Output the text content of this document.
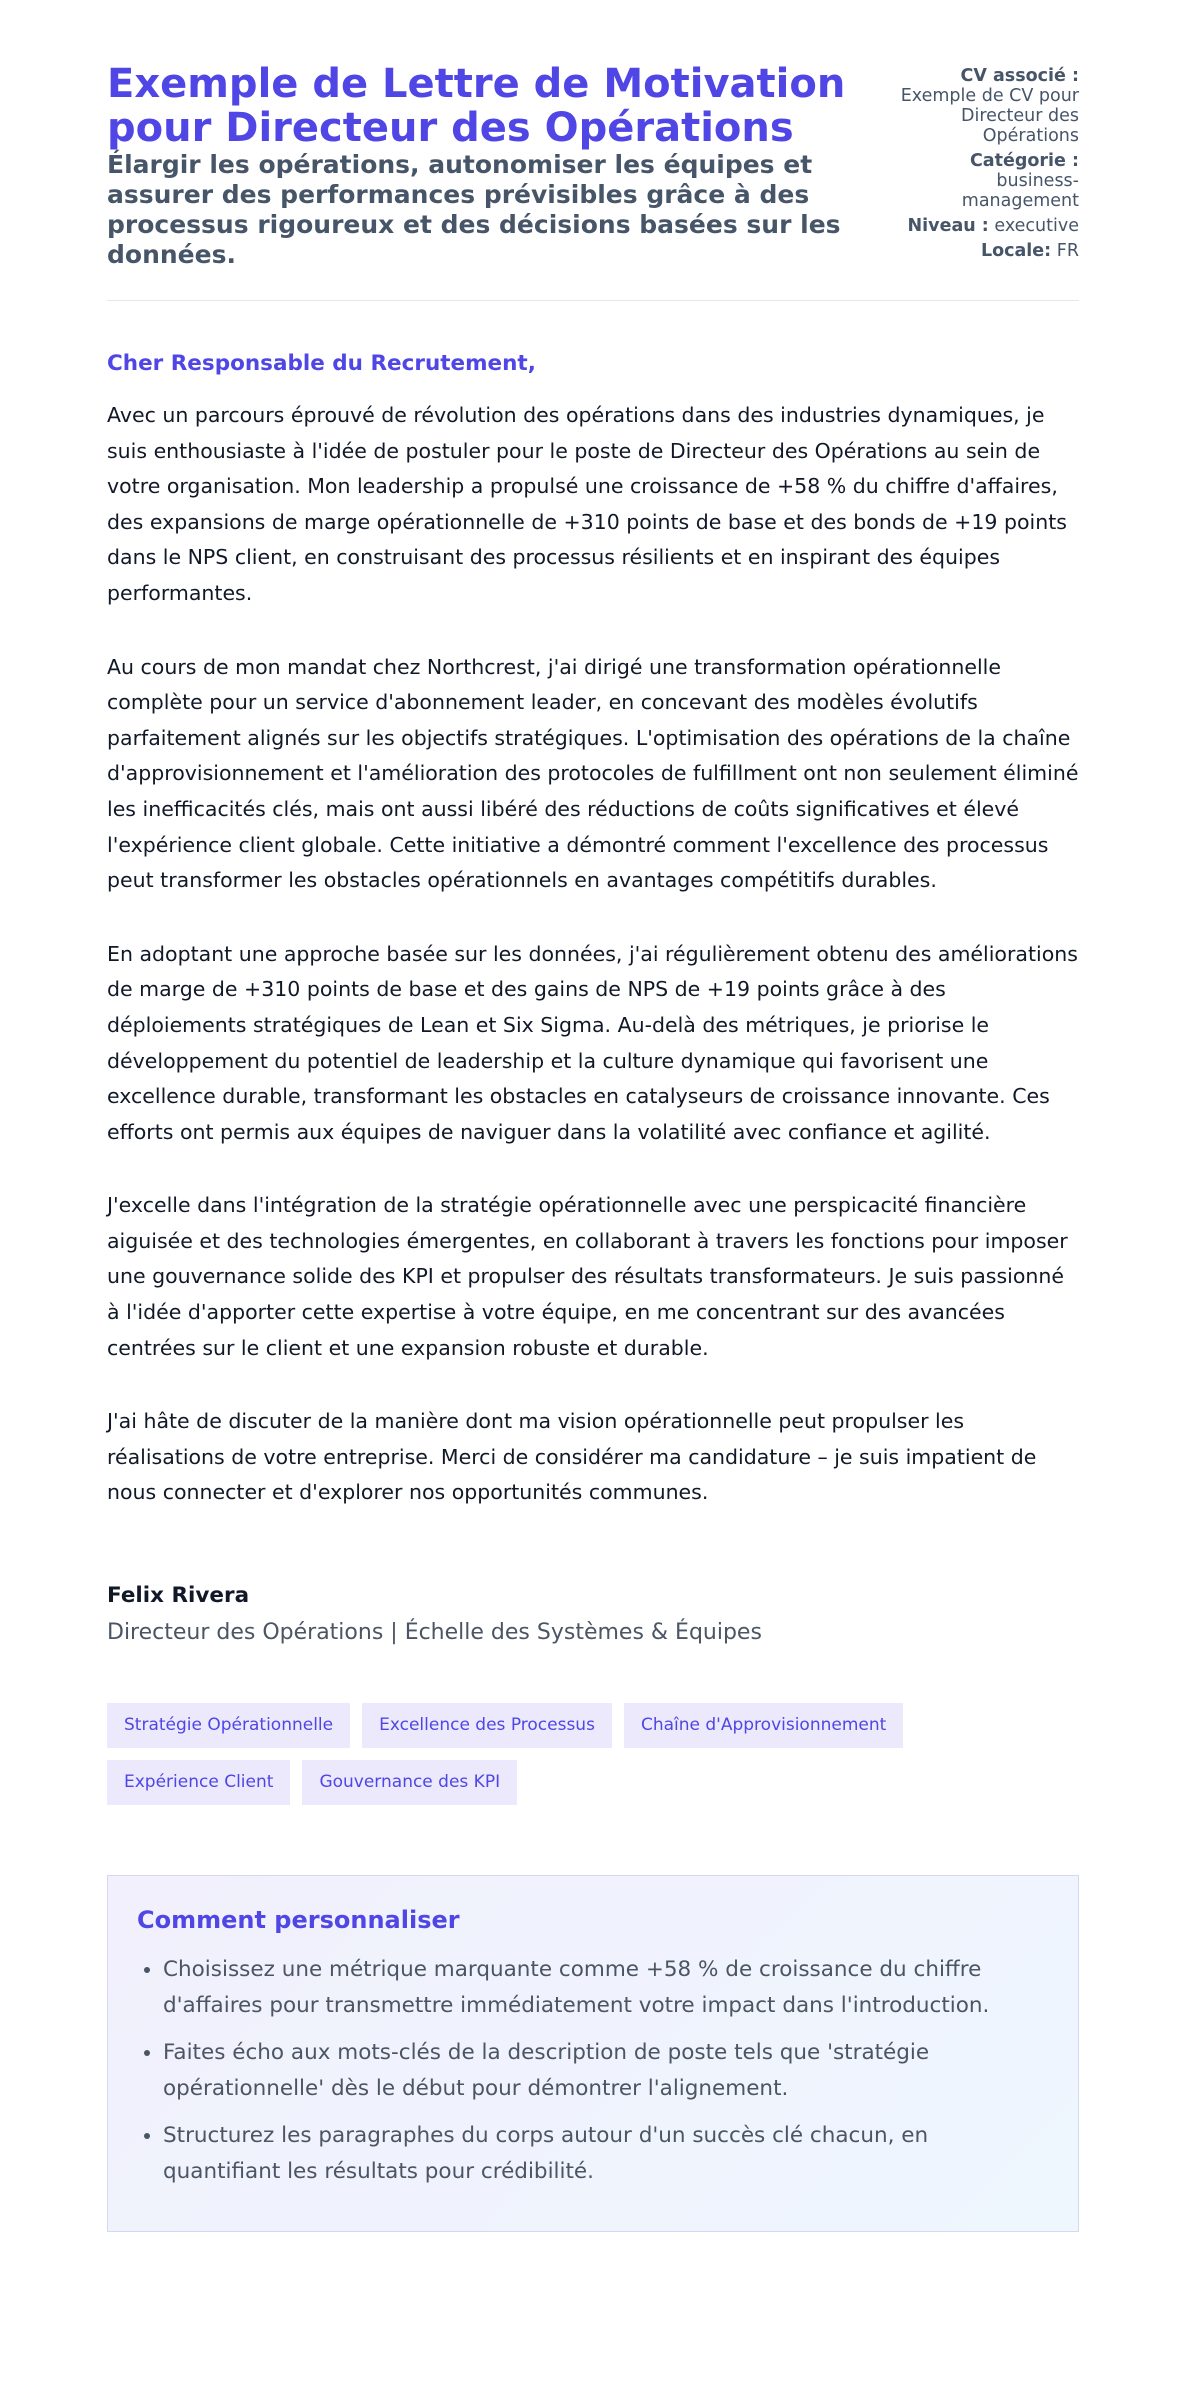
Exemple de Lettre de Motivation pour Directeur des Opérations

Élargir les opérations, autonomiser les équipes et assurer des performances prévisibles grâce à des processus rigoureux et des décisions basées sur les données.

CV associé :
Exemple de CV pour Directeur des Opérations
Catégorie :
business-management
Niveau : executive
Locale: FR
Cher Responsable du Recrutement,

Avec un parcours éprouvé de révolution des opérations dans des industries dynamiques, je suis enthousiaste à l'idée de postuler pour le poste de Directeur des Opérations au sein de votre organisation. Mon leadership a propulsé une croissance de +58 % du chiffre d'affaires, des expansions de marge opérationnelle de +310 points de base et des bonds de +19 points dans le NPS client, en construisant des processus résilients et en inspirant des équipes performantes.

Au cours de mon mandat chez Northcrest, j'ai dirigé une transformation opérationnelle complète pour un service d'abonnement leader, en concevant des modèles évolutifs parfaitement alignés sur les objectifs stratégiques. L'optimisation des opérations de la chaîne d'approvisionnement et l'amélioration des protocoles de fulfillment ont non seulement éliminé les inefficacités clés, mais ont aussi libéré des réductions de coûts significatives et élevé l'expérience client globale. Cette initiative a démontré comment l'excellence des processus peut transformer les obstacles opérationnels en avantages compétitifs durables.

En adoptant une approche basée sur les données, j'ai régulièrement obtenu des améliorations de marge de +310 points de base et des gains de NPS de +19 points grâce à des déploiements stratégiques de Lean et Six Sigma. Au-delà des métriques, je priorise le développement du potentiel de leadership et la culture dynamique qui favorisent une excellence durable, transformant les obstacles en catalyseurs de croissance innovante. Ces efforts ont permis aux équipes de naviguer dans la volatilité avec confiance et agilité.

J'excelle dans l'intégration de la stratégie opérationnelle avec une perspicacité financière aiguisée et des technologies émergentes, en collaborant à travers les fonctions pour imposer une gouvernance solide des KPI et propulser des résultats transformateurs. Je suis passionné à l'idée d'apporter cette expertise à votre équipe, en me concentrant sur des avancées centrées sur le client et une expansion robuste et durable.

J'ai hâte de discuter de la manière dont ma vision opérationnelle peut propulser les réalisations de votre entreprise. Merci de considérer ma candidature – je suis impatient de nous connecter et d'explorer nos opportunités communes.

Felix Rivera
Directeur des Opérations | Échelle des Systèmes & Équipes
Stratégie Opérationnelle	Excellence des Processus	Chaîne d'Approvisionnement
Expérience Client	Gouvernance des KPI
Comment personnaliser
• Choisissez une métrique marquante comme +58 % de croissance du chiffre d'affaires pour transmettre immédiatement votre impact dans l'introduction.
• Faites écho aux mots-clés de la description de poste tels que 'stratégie opérationnelle' dès le début pour démontrer l'alignement.
• Structurez les paragraphes du corps autour d'un succès clé chacun, en quantifiant les résultats pour crédibilité.
